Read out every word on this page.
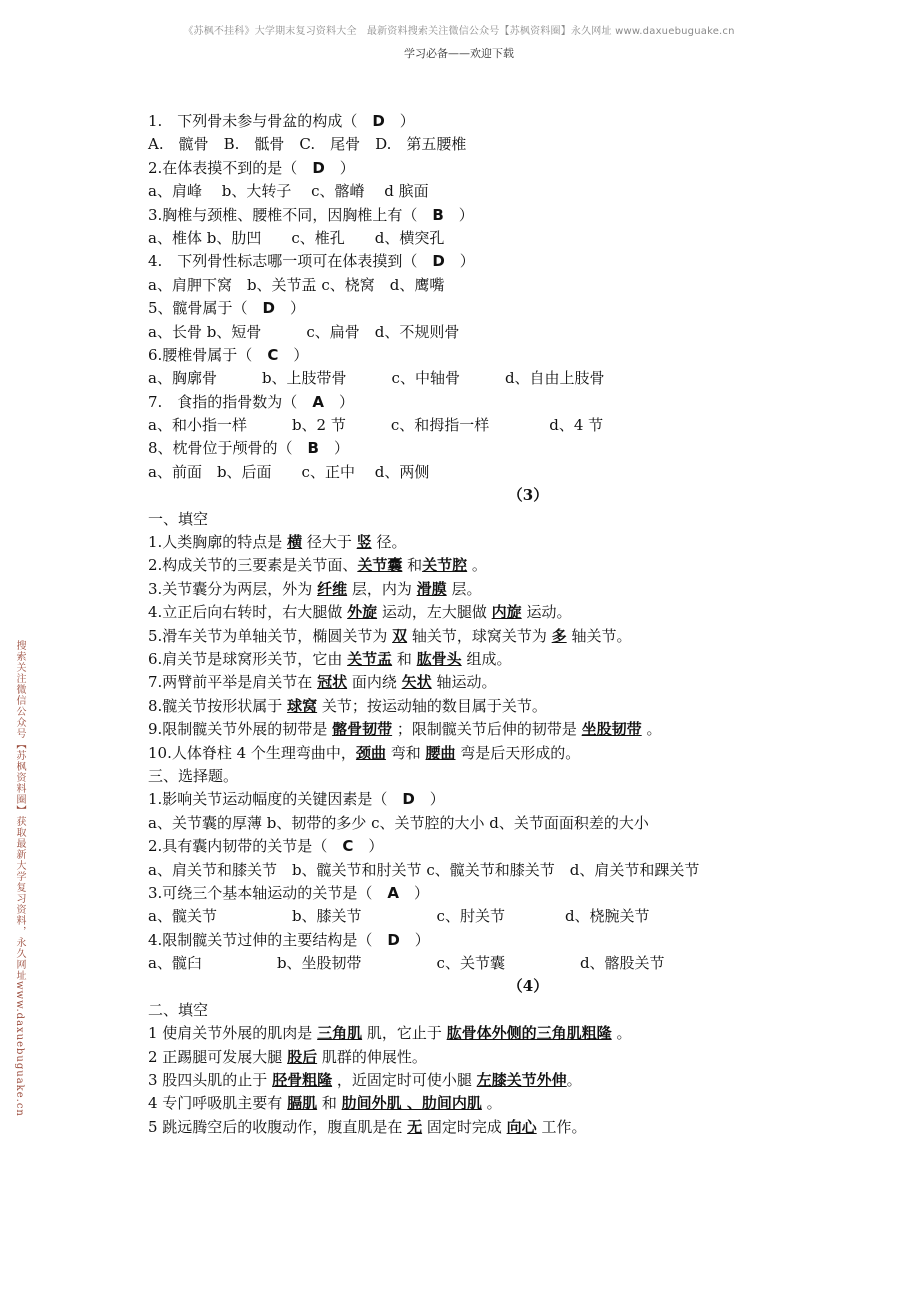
《苏枫不挂科》大学期末复习资料大全　最新资料搜索关注微信公众号【苏枫资料圈】永久网址 www.daxuebuguake.cn
学习必备——欢迎下载
搜索关注微信公众号【苏枫资料圈】获取最新大学复习资料，永久网址www.daxuebuguake.cn
1.　下列骨未参与骨盆的构成（　D　）
A.　髋骨　B.　骶骨　C.　尾骨　D.　第五腰椎
2.在体表摸不到的是（　D　）
a、肩峰　 b、大转子　 c、髂嵴　 d 膑面
3.胸椎与颈椎、腰椎不同，因胸椎上有（　B　）
a、椎体 b、肋凹　　c、椎孔　　d、横突孔
4.　下列骨性标志哪一项可在体表摸到（　D　）
a、肩胛下窝　b、关节盂 c、桡窝　d、鹰嘴
5、髋骨属于（　D　）
a、长骨 b、短骨　　　c、扁骨　d、不规则骨
6.腰椎骨属于（　C　）
a、胸廓骨　　　b、上肢带骨　　　c、中轴骨　　　d、自由上肢骨
7.　食指的指骨数为（　A　）
a、和小指一样　　　b、2 节　　　c、和拇指一样　　　　d、4 节
8、枕骨位于颅骨的（　B　）
a、前面　b、后面　　c、正中　 d、两侧
（3）
一、填空
1.人类胸廓的特点是 横 径大于 竖 径。
2.构成关节的三要素是关节面、关节囊 和关节腔 。
3.关节囊分为两层，外为 纤维 层，内为 滑膜 层。
4.立正后向右转时，右大腿做 外旋 运动，左大腿做 内旋 运动。
5.滑车关节为单轴关节，椭圆关节为 双 轴关节，球窝关节为 多 轴关节。
6.肩关节是球窝形关节，它由 关节盂 和 肱骨头 组成。
7.两臂前平举是肩关节在 冠状 面内绕 矢状 轴运动。
8.髋关节按形状属于 球窝 关节；按运动轴的数目属于关节。
9.限制髋关节外展的韧带是 髂骨韧带 ；限制髋关节后伸的韧带是 坐股韧带 。
10.人体脊柱 4 个生理弯曲中，颈曲 弯和 腰曲 弯是后天形成的。
三、选择题。
1.影响关节运动幅度的关键因素是（　D　）
a、关节囊的厚薄 b、韧带的多少 c、关节腔的大小 d、关节面面积差的大小
2.具有囊内韧带的关节是（　C　）
a、肩关节和膝关节　b、髋关节和肘关节 c、髋关节和膝关节　d、肩关节和踝关节
3.可绕三个基本轴运动的关节是（　A　）
a、髋关节　　　　　b、膝关节　　　　　c、肘关节　　　　d、桡腕关节
4.限制髋关节过伸的主要结构是（　D　）
a、髋臼　　　　　b、坐股韧带　　　　　c、关节囊　　　　　d、髂股关节
（4）
二、填空
1 使肩关节外展的肌肉是 三角肌 肌，它止于 肱骨体外侧的三角肌粗隆 。
2 正踢腿可发展大腿 股后 肌群的伸展性。
3 股四头肌的止于 胫骨粗隆 ，近固定时可使小腿 左膝关节外伸。
4 专门呼吸肌主要有 膈肌 和 肋间外肌 、肋间内肌 。
5 跳远腾空后的收腹动作，腹直肌是在 无 固定时完成 向心 工作。
